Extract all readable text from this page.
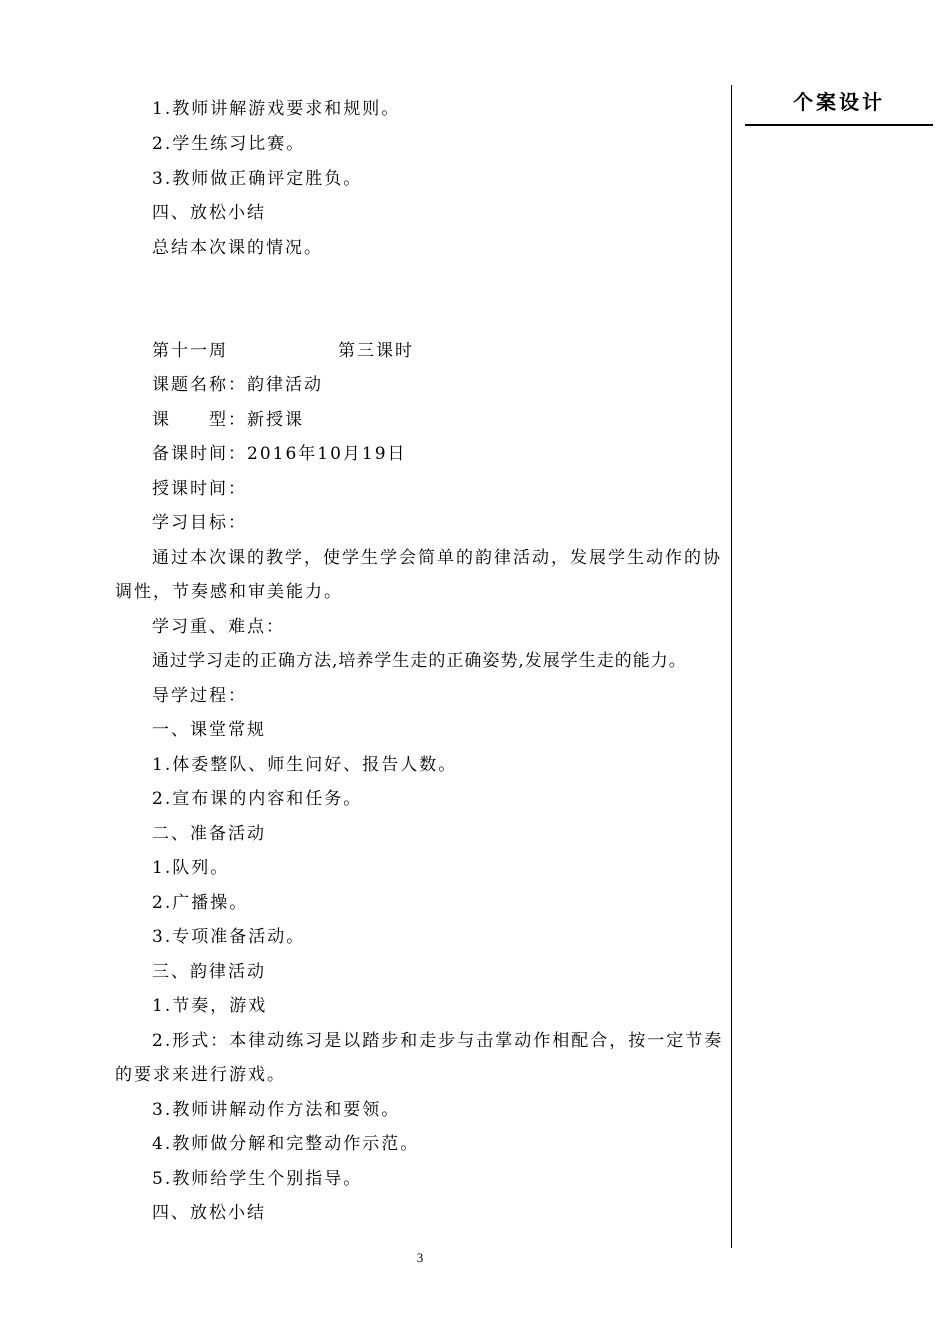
个案设计
1.教师讲解游戏要求和规则。
2.学生练习比赛。
3.教师做正确评定胜负。
四、放松小结
总结本次课的情况。
第十一周	第三课时
课题名称：韵律活动
课　　型：新授课
备课时间：2016年10月19日
授课时间：
学习目标：
通过本次课的教学，使学生学会简单的韵律活动，发展学生动作的协
调性，节奏感和审美能力。
学习重、难点：
通过学习走的正确方法,培养学生走的正确姿势,发展学生走的能力。
导学过程：
一、课堂常规
1.体委整队、师生问好、报告人数。
2.宣布课的内容和任务。
二、准备活动
1.队列。
2.广播操。
3.专项准备活动。
三、韵律活动
1.节奏，游戏
2.形式：本律动练习是以踏步和走步与击掌动作相配合，按一定节奏
的要求来进行游戏。
3.教师讲解动作方法和要领。
4.教师做分解和完整动作示范。
5.教师给学生个别指导。
四、放松小结
3
